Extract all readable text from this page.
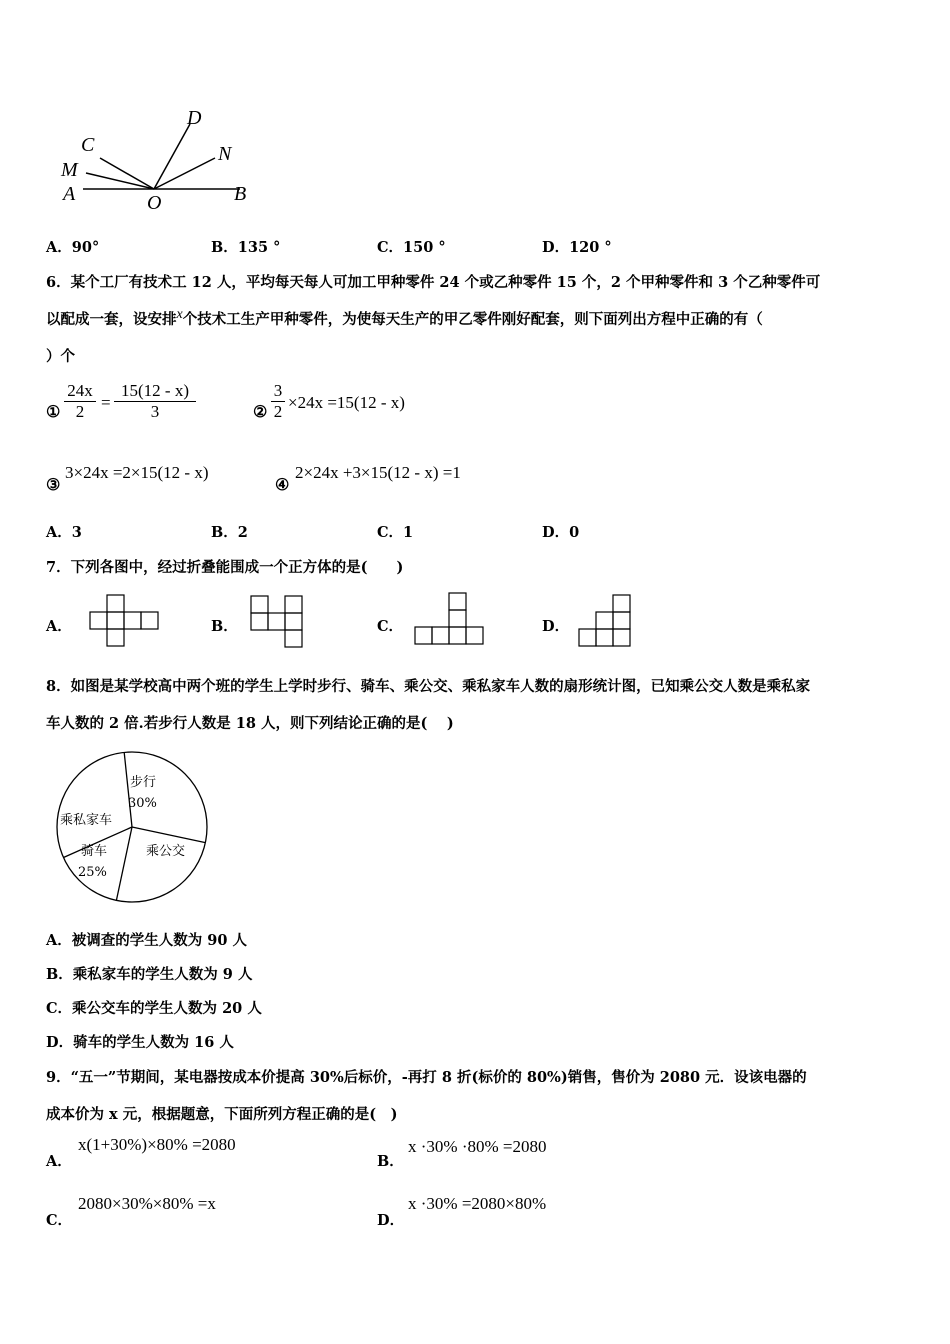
D
C	N
M
A	O	B
A．90°	B．135 °	C．150 °	D．120 °
6．某个工厂有技术工 12 人，平均每天每人可加工甲种零件 24 个或乙种零件 15 个，2 个甲种零件和 3 个乙种零件可
以配成一套，设安排x个技术工生产甲种零件，为使每天生产的甲乙零件刚好配套，则下面列出方程中正确的有（
）个
①
24x
2 =
15(12 - x)
3	②
3
2 ×24x =15(12 - x)
③
3×24x =2×15(12 - x)
④
2×24x +3×15(12 - x) =1
A．3	B．2	C．1	D．0
7．下列各图中，经过折叠能围成一个正方体的是(　　)
A．	B．	C．	D．
8．如图是某学校高中两个班的学生上学时步行、骑车、乘公交、乘私家车人数的扇形统计图，已知乘公交人数是乘私家
车人数的 2 倍.若步行人数是 18 人，则下列结论正确的是(　 )
步行
30%
骑车
25%
乘公交
乘私家车
A．被调查的学生人数为 90 人
B．乘私家车的学生人数为 9 人
C．乘公交车的学生人数为 20 人
D．骑车的学生人数为 16 人
9．“五一”节期间，某电器按成本价提高 30%后标价，-再打 8 折(标价的 80%)销售，售价为 2080 元．设该电器的
成本价为 x 元，根据题意，下面所列方程正确的是(　)
A．
x(1+30%)×80% =2080
B．
x ·30% ·80% =2080
C．
2080×30%×80% =x
D．
x ·30% =2080×80%
